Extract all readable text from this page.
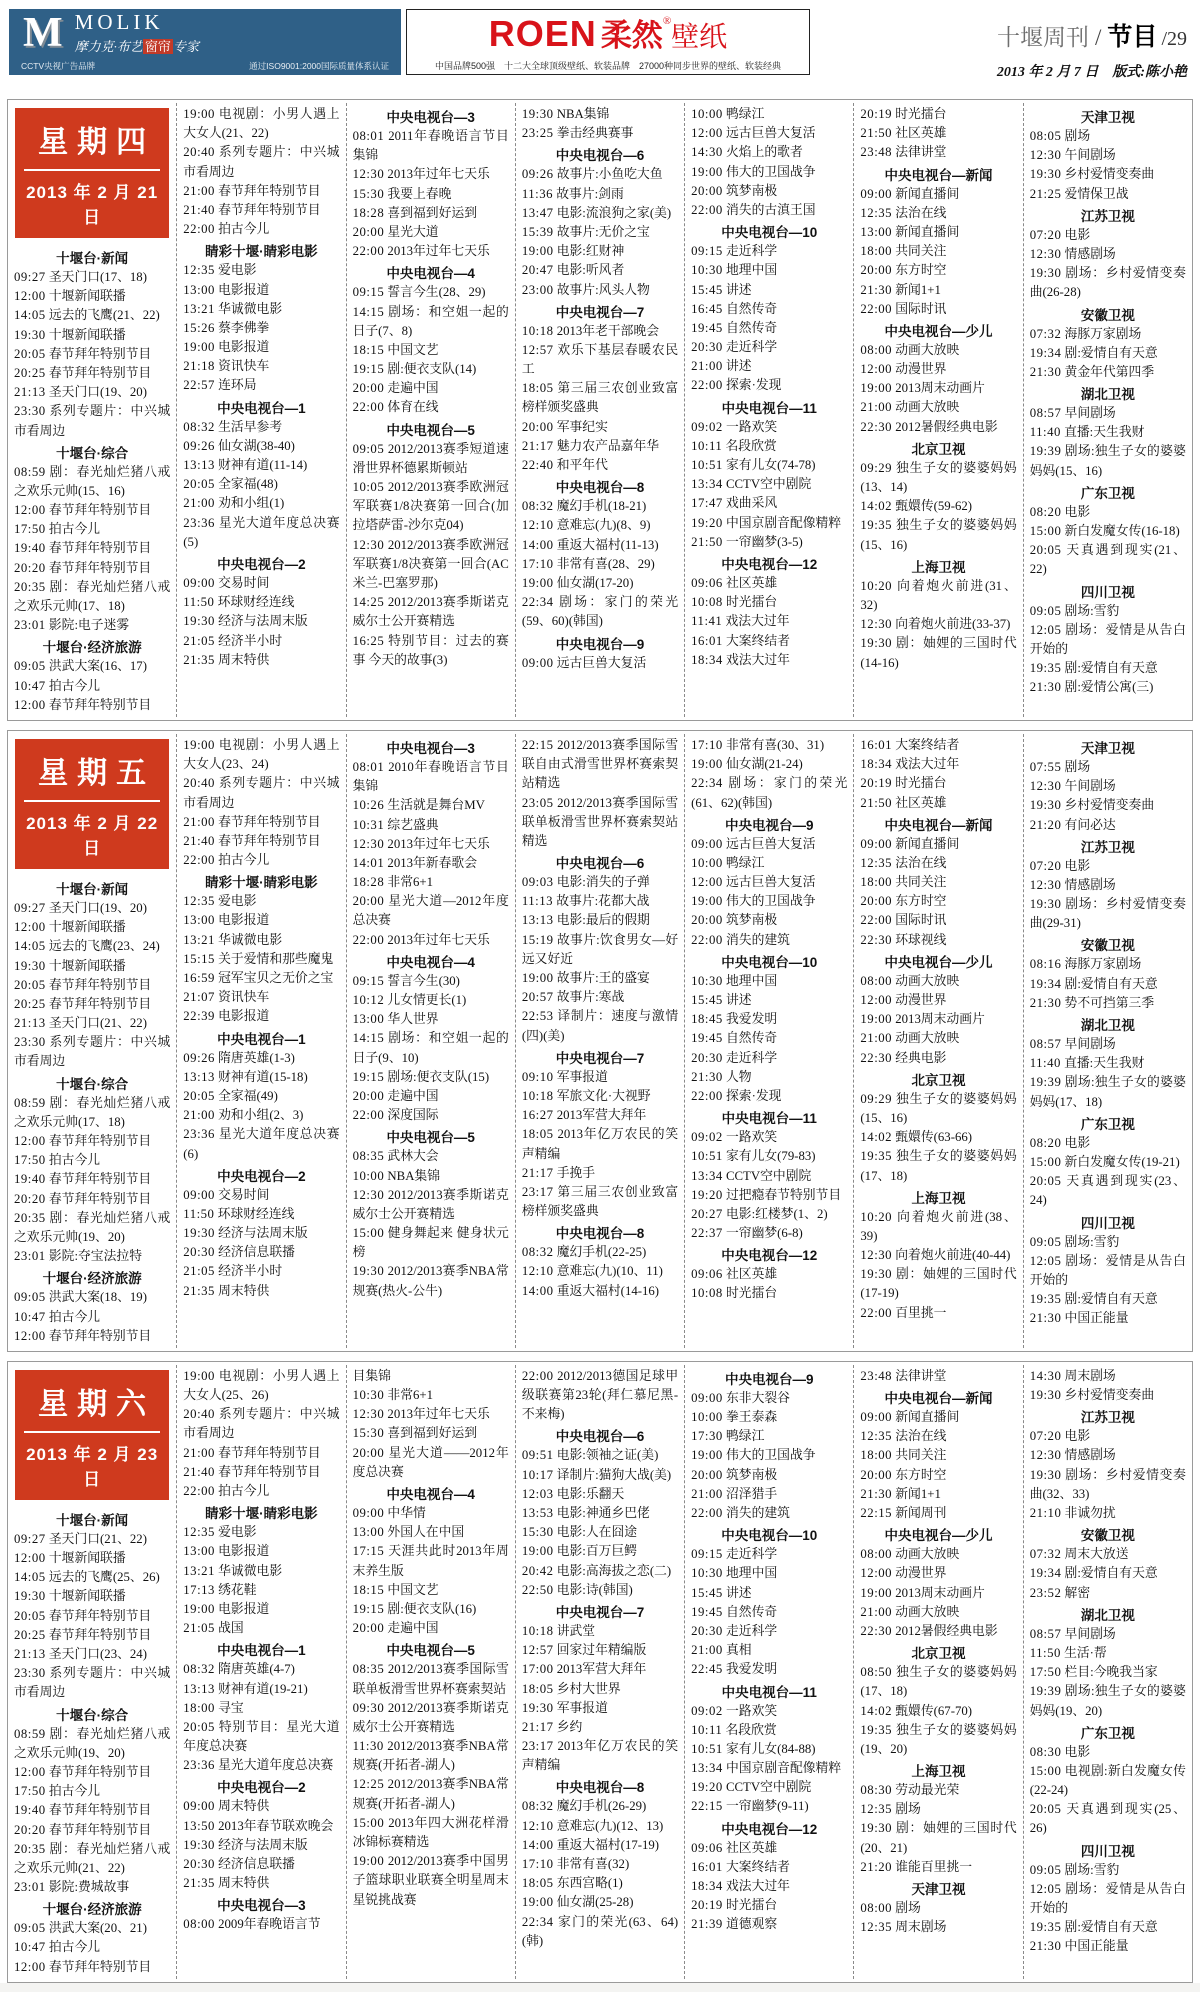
M MOLIK
摩力克·布艺 窗帘 专家
CCTV央视广告品牌	通过ISO9001:2000国际质量体系认证
ROEN 柔然®壁纸
中国品牌500强　十二大全球顶级壁纸、软装品牌　27000种同步世界的壁纸、软装经典
十堰周刊 / 节目 /29
2013 年 2 月 7 日　版式:陈小艳
星期四
2013 年 2 月 21 日
十堰台·新闻
09:27 圣天门口(17、18)
12:00 十堰新闻联播
14:05 远去的飞鹰(21、22)
19:30 十堰新闻联播
20:05 春节拜年特别节目
20:25 春节拜年特别节目
21:13 圣天门口(19、20)
23:30 系列专题片：中兴城市看周边
十堰台·综合
08:59 剧：春光灿烂猪八戒之欢乐元帅(15、16)
12:00 春节拜年特别节目
17:50 拍古今儿
19:40 春节拜年特别节目
20:20 春节拜年特别节目
20:35 剧：春光灿烂猪八戒之欢乐元帅(17、18)
23:01 影院:电子迷雾
十堰台·经济旅游
09:05 洪武大案(16、17)
10:47 拍古今儿
12:00 春节拜年特别节目
19:00 电视剧：小男人遇上大女人(21、22)
20:40 系列专题片：中兴城市看周边
21:00 春节拜年特别节目
21:40 春节拜年特别节目
22:00 拍古今儿
睛彩十堰·睛彩电影
12:35 爱电影
13:00 电影报道
13:21 华诚微电影
15:26 蔡李佛拳
19:00 电影报道
21:18 资讯快车
22:57 连环局
中央电视台—1
08:32 生活早参考
09:26 仙女湖(38-40)
13:13 财神有道(11-14)
20:05 全家福(48)
21:00 劝和小组(1)
23:36 星光大道年度总决赛(5)
中央电视台—2
09:00 交易时间
11:50 环球财经连线
19:30 经济与法周末版
21:05 经济半小时
21:35 周末特供
中央电视台—3
08:01 2011年春晚语言节目集锦
12:30 2013年过年七天乐
15:30 我要上春晚
18:28 喜到福到好运到
20:00 星光大道
22:00 2013年过年七天乐
中央电视台—4
09:15 誓言今生(28、29)
14:15 剧场：和空姐一起的日子(7、8)
18:15 中国文艺
19:15 剧:便衣支队(14)
20:00 走遍中国
22:00 体育在线
中央电视台—5
09:05 2012/2013赛季短道速滑世界杯德累斯顿站
10:05 2012/2013赛季欧洲冠军联赛1/8决赛第一回合(加拉塔萨雷-沙尔克04)
12:30 2012/2013赛季欧洲冠军联赛1/8决赛第一回合(AC米兰-巴塞罗那)
14:25 2012/2013赛季斯诺克威尔士公开赛精选
16:25 特别节目：过去的赛事 今天的故事(3)
19:30 NBA集锦
23:25 拳击经典赛事
中央电视台—6
09:26 故事片:小鱼吃大鱼
11:36 故事片:剑雨
13:47 电影:流浪狗之家(美)
15:39 故事片:无价之宝
19:00 电影:红财神
20:47 电影:听风者
23:00 故事片:风头人物
中央电视台—7
10:18 2013年老干部晚会
12:57 欢乐下基层春暖农民工
18:05 第三届三农创业致富榜样颁奖盛典
20:00 军事纪实
21:17 魅力农产品嘉年华
22:40 和平年代
中央电视台—8
08:32 魔幻手机(18-21)
12:10 意难忘(九)(8、9)
14:00 重返大福村(11-13)
17:10 非常有喜(28、29)
19:00 仙女湖(17-20)
22:34 剧场：家门的荣光(59、60)(韩国)
中央电视台—9
09:00 远古巨兽大复活
10:00 鸭绿江
12:00 远古巨兽大复活
14:30 火焰上的歌者
19:00 伟大的卫国战争
20:00 筑梦南极
22:00 消失的古滇王国
中央电视台—10
09:15 走近科学
10:30 地理中国
15:45 讲述
16:45 自然传奇
19:45 自然传奇
20:30 走近科学
21:00 讲述
22:00 探索·发现
中央电视台—11
09:02 一路欢笑
10:11 名段欣赏
10:51 家有儿女(74-78)
13:34 CCTV空中剧院
17:47 戏曲采风
19:20 中国京剧音配像精粹
21:50 一帘幽梦(3-5)
中央电视台—12
09:06 社区英雄
10:08 时光擂台
11:41 戏法大过年
16:01 大案终结者
18:34 戏法大过年
20:19 时光擂台
21:50 社区英雄
23:48 法律讲堂
中央电视台—新闻
09:00 新闻直播间
12:35 法治在线
13:00 新闻直播间
18:00 共同关注
20:00 东方时空
21:30 新闻1+1
22:00 国际时讯
中央电视台—少儿
08:00 动画大放映
12:00 动漫世界
19:00 2013周末动画片
21:00 动画大放映
22:30 2012暑假经典电影
北京卫视
09:29 独生子女的婆婆妈妈(13、14)
14:02 甄嬛传(59-62)
19:35 独生子女的婆婆妈妈(15、16)
上海卫视
10:20 向着炮火前进(31、32)
12:30 向着炮火前进(33-37)
19:30 剧：妯娌的三国时代(14-16)
天津卫视
08:05 剧场
12:30 午间剧场
19:30 乡村爱情变奏曲
21:25 爱情保卫战
江苏卫视
07:20 电影
12:30 情感剧场
19:30 剧场：乡村爱情变奏曲(26-28)
安徽卫视
07:32 海豚万家剧场
19:34 剧:爱情自有天意
21:30 黄金年代第四季
湖北卫视
08:57 早间剧场
11:40 直播:天生我财
19:39 剧场:独生子女的婆婆妈妈(15、16)
广东卫视
08:20 电影
15:00 新白发魔女传(16-18)
20:05 天真遇到现实(21、22)
四川卫视
09:05 剧场:雪豹
12:05 剧场：爱情是从告白开始的
19:35 剧:爱情自有天意
21:30 剧:爱情公寓(三)
星期五
2013 年 2 月 22 日
十堰台·新闻
09:27 圣天门口(19、20)
12:00 十堰新闻联播
14:05 远去的飞鹰(23、24)
19:30 十堰新闻联播
20:05 春节拜年特别节目
20:25 春节拜年特别节目
21:13 圣天门口(21、22)
23:30 系列专题片：中兴城市看周边
十堰台·综合
08:59 剧：春光灿烂猪八戒之欢乐元帅(17、18)
12:00 春节拜年特别节目
17:50 拍古今儿
19:40 春节拜年特别节目
20:20 春节拜年特别节目
20:35 剧：春光灿烂猪八戒之欢乐元帅(19、20)
23:01 影院:夺宝法拉特
十堰台·经济旅游
09:05 洪武大案(18、19)
10:47 拍古今儿
12:00 春节拜年特别节目
19:00 电视剧：小男人遇上大女人(23、24)
20:40 系列专题片：中兴城市看周边
21:00 春节拜年特别节目
21:40 春节拜年特别节目
22:00 拍古今儿
睛彩十堰·睛彩电影
12:35 爱电影
13:00 电影报道
13:21 华诚微电影
15:15 关于爱情和那些魔鬼
16:59 冠军宝贝之无价之宝
21:07 资讯快车
22:39 电影报道
中央电视台—1
09:26 隋唐英雄(1-3)
13:13 财神有道(15-18)
20:05 全家福(49)
21:00 劝和小组(2、3)
23:36 星光大道年度总决赛(6)
中央电视台—2
09:00 交易时间
11:50 环球财经连线
19:30 经济与法周末版
20:30 经济信息联播
21:05 经济半小时
21:35 周末特供
中央电视台—3
08:01 2010年春晚语言节目集锦
10:26 生活就是舞台MV
10:31 综艺盛典
12:30 2013年过年七天乐
14:01 2013年新春歌会
18:28 非常6+1
20:00 星光大道—2012年度总决赛
22:00 2013年过年七天乐
中央电视台—4
09:15 誓言今生(30)
10:12 儿女情更长(1)
13:00 华人世界
14:15 剧场：和空姐一起的日子(9、10)
19:15 剧场:便衣支队(15)
20:00 走遍中国
22:00 深度国际
中央电视台—5
08:35 武林大会
10:00 NBA集锦
12:30 2012/2013赛季斯诺克威尔士公开赛精选
15:00 健身舞起来 健身状元榜
19:30 2012/2013赛季NBA常规赛(热火-公牛)
22:15 2012/2013赛季国际雪联自由式滑雪世界杯赛索契站精选
23:05 2012/2013赛季国际雪联单板滑雪世界杯赛索契站精选
中央电视台—6
09:03 电影:消失的子弹
11:13 故事片:花都大战
13:13 电影:最后的假期
15:19 故事片:饮食男女—好远又好近
19:00 故事片:王的盛宴
20:57 故事片:寒战
22:53 译制片：速度与激情(四)(美)
中央电视台—7
09:10 军事报道
10:18 军旅文化·大视野
16:27 2013军营大拜年
18:05 2013年亿万农民的笑声精编
21:17 手挽手
23:17 第三届三农创业致富榜样颁奖盛典
中央电视台—8
08:32 魔幻手机(22-25)
12:10 意难忘(九)(10、11)
14:00 重返大福村(14-16)
17:10 非常有喜(30、31)
19:00 仙女湖(21-24)
22:34 剧场：家门的荣光(61、62)(韩国)
中央电视台—9
09:00 远古巨兽大复活
10:00 鸭绿江
12:00 远古巨兽大复活
19:00 伟大的卫国战争
20:00 筑梦南极
22:00 消失的建筑
中央电视台—10
10:30 地理中国
15:45 讲述
18:45 我爱发明
19:45 自然传奇
20:30 走近科学
21:30 人物
22:00 探索·发现
中央电视台—11
09:02 一路欢笑
10:51 家有儿女(79-83)
13:34 CCTV空中剧院
19:20 过把瘾春节特别节目
20:27 电影:红楼梦(1、2)
22:37 一帘幽梦(6-8)
中央电视台—12
09:06 社区英雄
10:08 时光擂台
16:01 大案终结者
18:34 戏法大过年
20:19 时光擂台
21:50 社区英雄
中央电视台—新闻
09:00 新闻直播间
12:35 法治在线
18:00 共同关注
20:00 东方时空
22:00 国际时讯
22:30 环球视线
中央电视台—少儿
08:00 动画大放映
12:00 动漫世界
19:00 2013周末动画片
21:00 动画大放映
22:30 经典电影
北京卫视
09:29 独生子女的婆婆妈妈(15、16)
14:02 甄嬛传(63-66)
19:35 独生子女的婆婆妈妈(17、18)
上海卫视
10:20 向着炮火前进(38、39)
12:30 向着炮火前进(40-44)
19:30 剧：妯娌的三国时代(17-19)
22:00 百里挑一
天津卫视
07:55 剧场
12:30 午间剧场
19:30 乡村爱情变奏曲
21:20 有问必达
江苏卫视
07:20 电影
12:30 情感剧场
19:30 剧场：乡村爱情变奏曲(29-31)
安徽卫视
08:16 海豚万家剧场
19:34 剧:爱情自有天意
21:30 势不可挡第三季
湖北卫视
08:57 早间剧场
11:40 直播:天生我财
19:39 剧场:独生子女的婆婆妈妈(17、18)
广东卫视
08:20 电影
15:00 新白发魔女传(19-21)
20:05 天真遇到现实(23、24)
四川卫视
09:05 剧场:雪豹
12:05 剧场：爱情是从告白开始的
19:35 剧:爱情自有天意
21:30 中国正能量
星期六
2013 年 2 月 23 日
十堰台·新闻
09:27 圣天门口(21、22)
12:00 十堰新闻联播
14:05 远去的飞鹰(25、26)
19:30 十堰新闻联播
20:05 春节拜年特别节目
20:25 春节拜年特别节目
21:13 圣天门口(23、24)
23:30 系列专题片：中兴城市看周边
十堰台·综合
08:59 剧：春光灿烂猪八戒之欢乐元帅(19、20)
12:00 春节拜年特别节目
17:50 拍古今儿
19:40 春节拜年特别节目
20:20 春节拜年特别节目
20:35 剧：春光灿烂猪八戒之欢乐元帅(21、22)
23:01 影院:费城故事
十堰台·经济旅游
09:05 洪武大案(20、21)
10:47 拍古今儿
12:00 春节拜年特别节目
19:00 电视剧：小男人遇上大女人(25、26)
20:40 系列专题片：中兴城市看周边
21:00 春节拜年特别节目
21:40 春节拜年特别节目
22:00 拍古今儿
睛彩十堰·睛彩电影
12:35 爱电影
13:00 电影报道
13:21 华诚微电影
17:13 绣花鞋
19:00 电影报道
21:05 战国
中央电视台—1
08:32 隋唐英雄(4-7)
13:13 财神有道(19-21)
18:00 寻宝
20:05 特别节目：星光大道年度总决赛
23:36 星光大道年度总决赛
中央电视台—2
09:00 周末特供
13:50 2013年春节联欢晚会
19:30 经济与法周末版
20:30 经济信息联播
21:35 周末特供
中央电视台—3
08:00 2009年春晚语言节
目集锦
10:30 非常6+1
12:30 2013年过年七天乐
15:30 喜到福到好运到
20:00 星光大道——2012年度总决赛
中央电视台—4
09:00 中华情
13:00 外国人在中国
17:15 天涯共此时2013年周末养生版
18:15 中国文艺
19:15 剧:便衣支队(16)
20:00 走遍中国
中央电视台—5
08:35 2012/2013赛季国际雪联单板滑雪世界杯赛索契站
09:30 2012/2013赛季斯诺克威尔士公开赛精选
11:30 2012/2013赛季NBA常规赛(开拓者-湖人)
12:25 2012/2013赛季NBA常规赛(开拓者-湖人)
15:00 2013年四大洲花样滑冰锦标赛精选
19:00 2012/2013赛季中国男子篮球职业联赛全明星周末 星锐挑战赛
22:00 2012/2013德国足球甲级联赛第23轮(拜仁慕尼黑-不来梅)
中央电视台—6
09:51 电影:领袖之证(美)
10:17 译制片:猫狗大战(美)
12:03 电影:乐翻天
13:53 电影:神通乡巴佬
15:30 电影:人在囧途
19:00 电影:百万巨鳄
20:42 电影:高海拔之恋(二)
22:50 电影:诗(韩国)
中央电视台—7
10:18 讲武堂
12:57 回家过年精编版
17:00 2013军营大拜年
18:05 乡村大世界
19:30 军事报道
21:17 乡约
23:17 2013年亿万农民的笑声精编
中央电视台—8
08:32 魔幻手机(26-29)
12:10 意难忘(九)(12、13)
14:00 重返大福村(17-19)
17:10 非常有喜(32)
18:05 东西宫略(1)
19:00 仙女湖(25-28)
22:34 家门的荣光(63、64)(韩)
中央电视台—9
09:00 东非大裂谷
10:00 拳王泰森
17:30 鸭绿江
19:00 伟大的卫国战争
20:00 筑梦南极
21:00 沼泽猎手
22:00 消失的建筑
中央电视台—10
09:15 走近科学
10:30 地理中国
15:45 讲述
19:45 自然传奇
20:30 走近科学
21:00 真相
22:45 我爱发明
中央电视台—11
09:02 一路欢笑
10:11 名段欣赏
10:51 家有儿女(84-88)
13:34 中国京剧音配像精粹
19:20 CCTV空中剧院
22:15 一帘幽梦(9-11)
中央电视台—12
09:06 社区英雄
16:01 大案终结者
18:34 戏法大过年
20:19 时光擂台
21:39 道德观察
23:48 法律讲堂
中央电视台—新闻
09:00 新闻直播间
12:35 法治在线
18:00 共同关注
20:00 东方时空
21:30 新闻1+1
22:15 新闻周刊
中央电视台—少儿
08:00 动画大放映
12:00 动漫世界
19:00 2013周末动画片
21:00 动画大放映
22:30 2012暑假经典电影
北京卫视
08:50 独生子女的婆婆妈妈(17、18)
14:02 甄嬛传(67-70)
19:35 独生子女的婆婆妈妈(19、20)
上海卫视
08:30 劳动最光荣
12:35 剧场
19:30 剧：妯娌的三国时代(20、21)
21:20 谁能百里挑一
天津卫视
08:00 剧场
12:35 周末剧场
14:30 周末剧场
19:30 乡村爱情变奏曲
江苏卫视
07:20 电影
12:30 情感剧场
19:30 剧场：乡村爱情变奏曲(32、33)
21:10 非诚勿扰
安徽卫视
07:32 周末大放送
19:34 剧:爱情自有天意
23:52 解密
湖北卫视
08:57 早间剧场
11:50 生活·帮
17:50 栏目:今晚我当家
19:39 剧场:独生子女的婆婆妈妈(19、20)
广东卫视
08:30 电影
15:00 电视剧:新白发魔女传(22-24)
20:05 天真遇到现实(25、26)
四川卫视
09:05 剧场:雪豹
12:05 剧场：爱情是从告白开始的
19:35 剧:爱情自有天意
21:30 中国正能量
